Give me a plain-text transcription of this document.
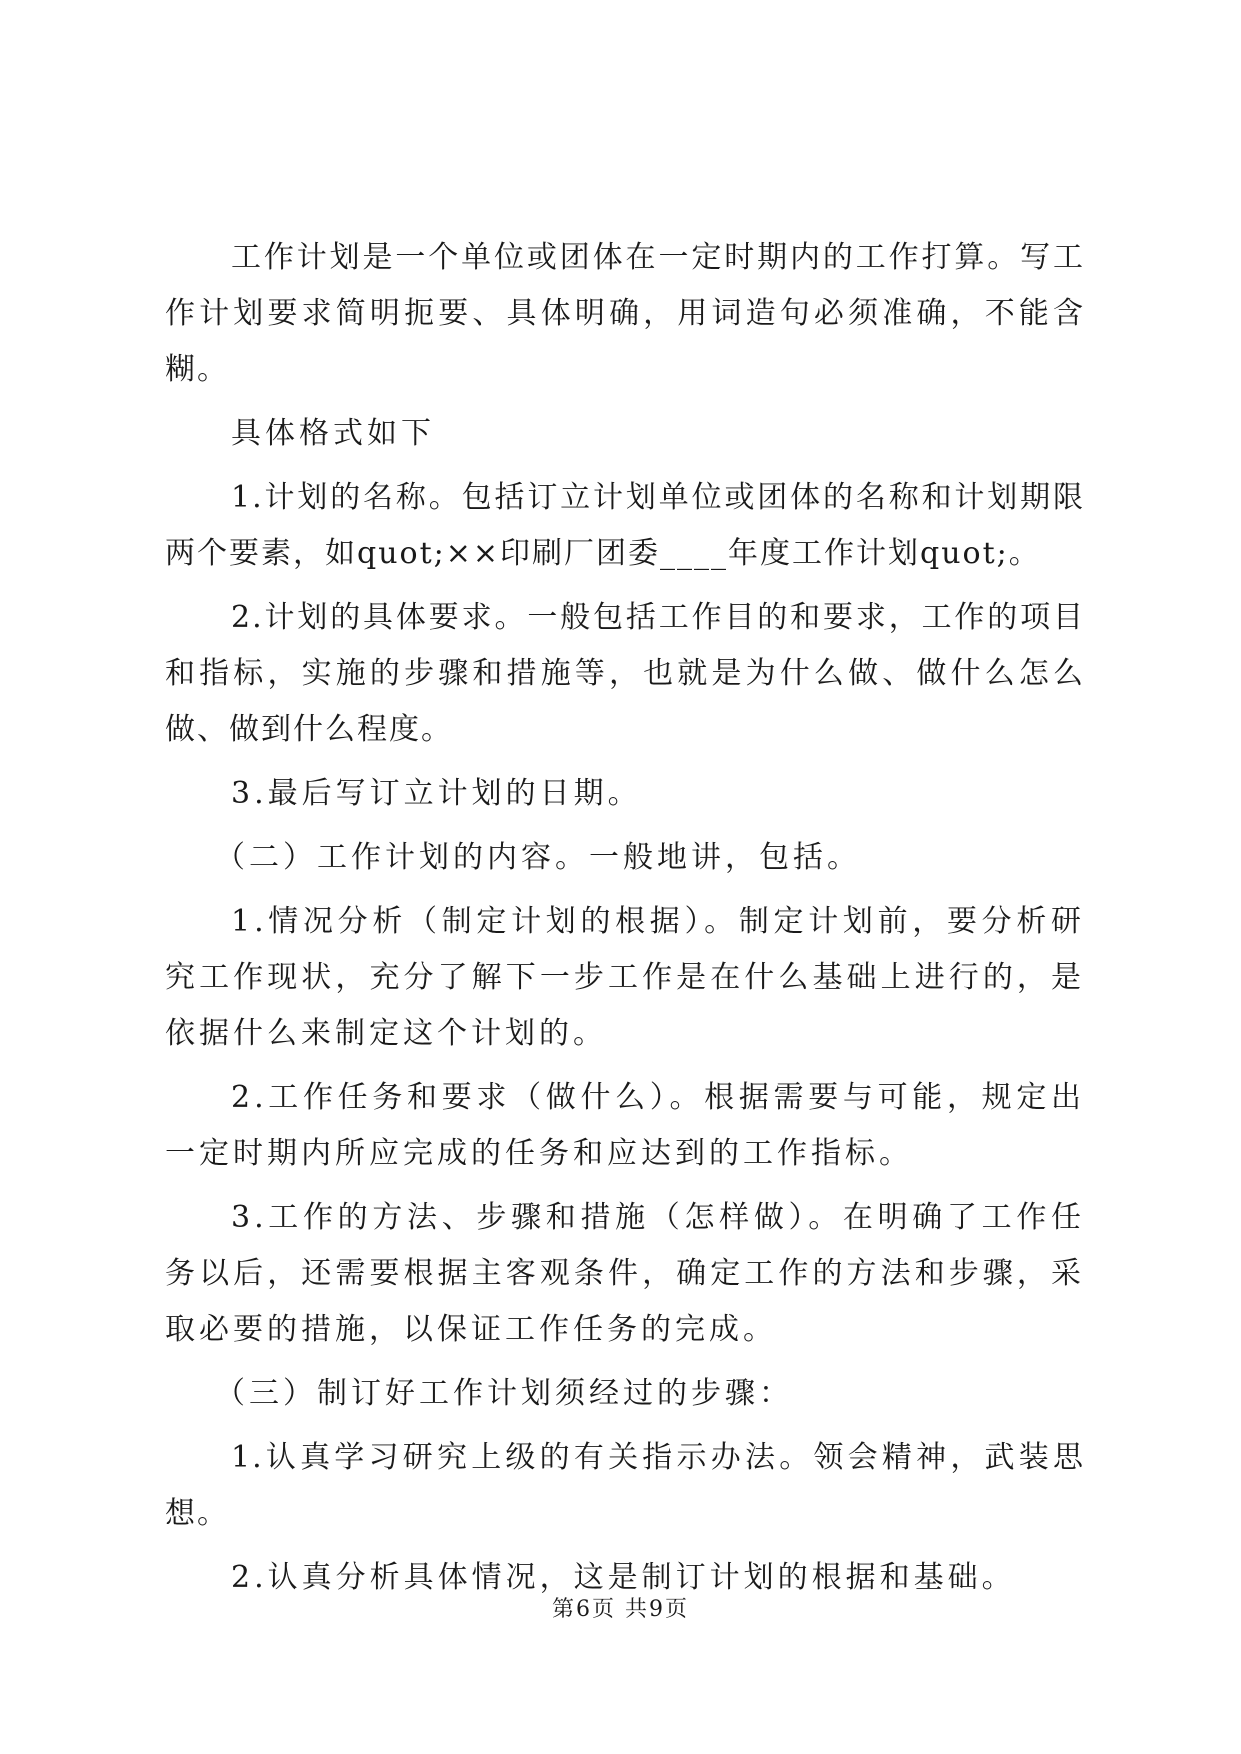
工作计划是一个单位或团体在一定时期内的工作打算。写工作计划要求简明扼要、具体明确，用词造句必须准确，不能含糊。

具体格式如下

1.计划的名称。包括订立计划单位或团体的名称和计划期限两个要素，如quot;××印刷厂团委____年度工作计划quot;。

2.计划的具体要求。一般包括工作目的和要求，工作的项目和指标，实施的步骤和措施等，也就是为什么做、做什么怎么做、做到什么程度。

3.最后写订立计划的日期。

（二）工作计划的内容。一般地讲，包括。

1.情况分析（制定计划的根据）。制定计划前，要分析研究工作现状，充分了解下一步工作是在什么基础上进行的，是依据什么来制定这个计划的。

2.工作任务和要求（做什么）。根据需要与可能，规定出一定时期内所应完成的任务和应达到的工作指标。

3.工作的方法、步骤和措施（怎样做）。在明确了工作任务以后，还需要根据主客观条件，确定工作的方法和步骤，采取必要的措施，以保证工作任务的完成。

（三）制订好工作计划须经过的步骤：

1.认真学习研究上级的有关指示办法。领会精神，武装思想。

2.认真分析具体情况，这是制订计划的根据和基础。

第6页 共9页
